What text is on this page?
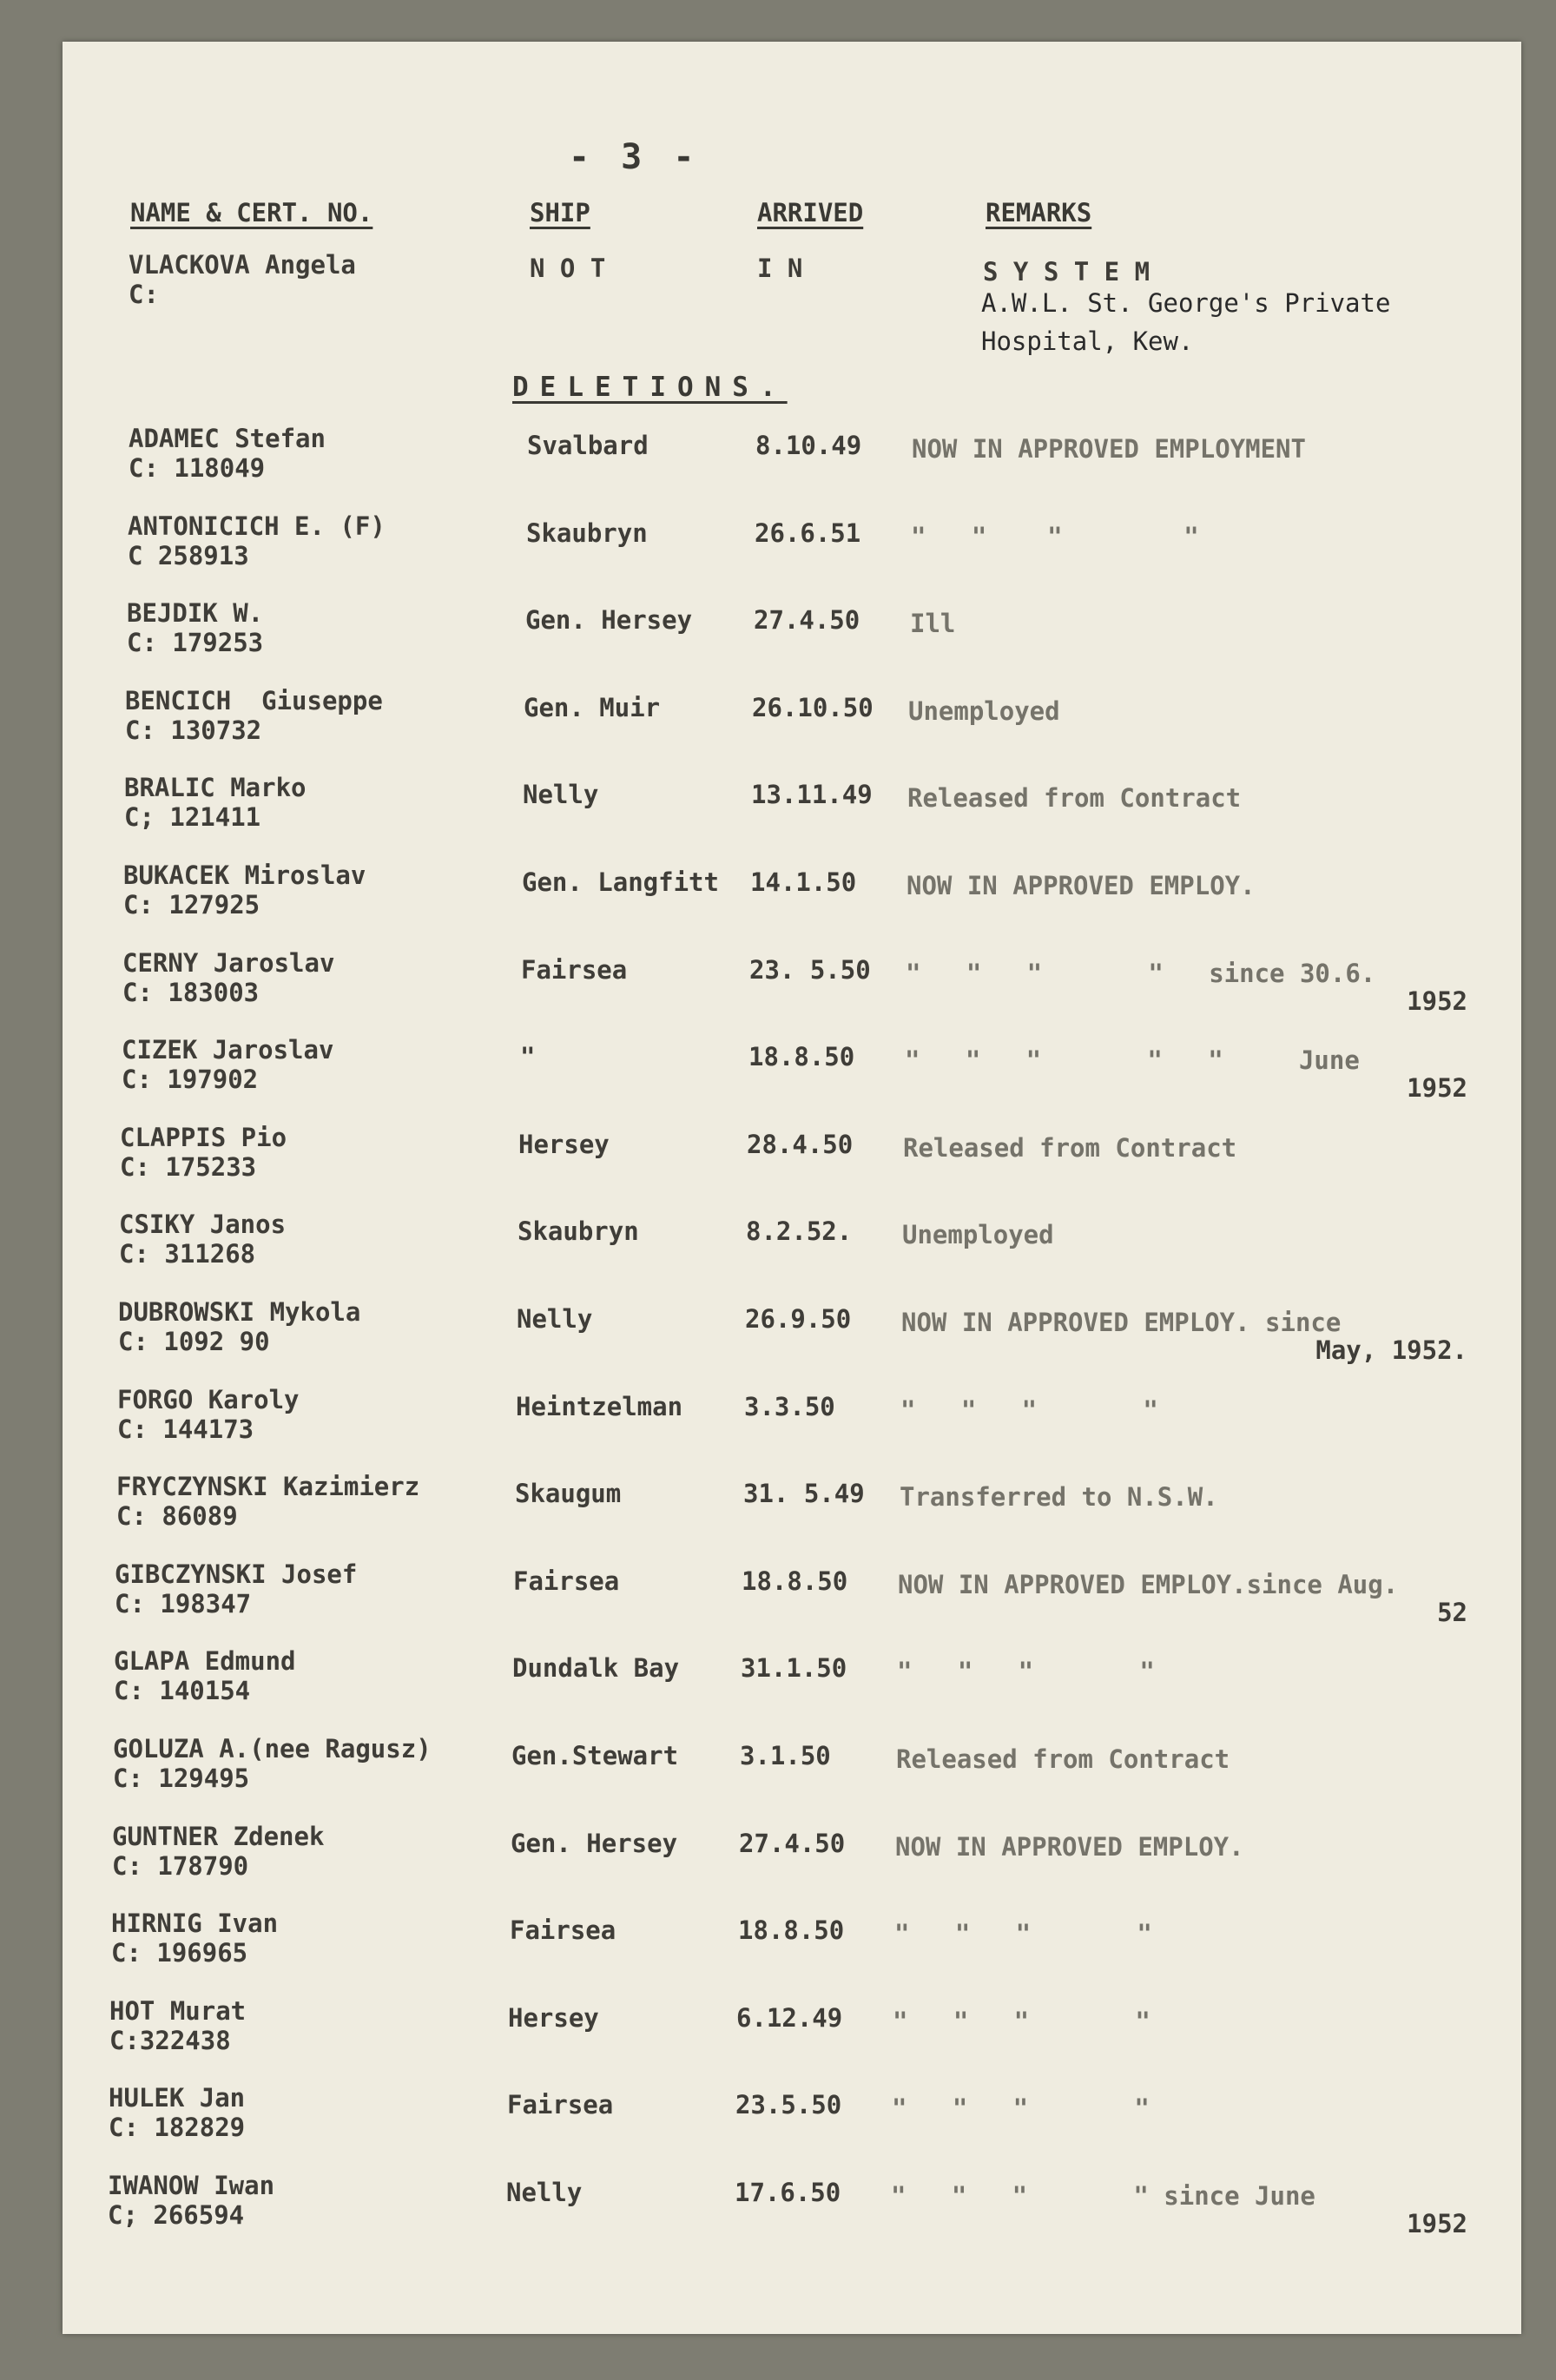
- 3 -
NAME & CERT. NO.	SHIP	ARRIVED	REMARKS
VLACKOVA Angela
C:
N O T	I N	S Y S T E M
A.W.L. St. George's Private
Hospital, Kew.
DELETIONS.
ADAMEC Stefan
C: 118049
Svalbard	8.10.49 NOW IN APPROVED EMPLOYMENT
ANTONICICH E. (F)
C 258913
Skaubryn	26.6.51 "   "    "        "
BEJDIK W.
C: 179253
Gen. Hersey 27.4.50 Ill
BENCICH  Giuseppe
C: 130732
Gen. Muir	26.10.50 Unemployed
BRALIC Marko
C; 121411
Nelly	13.11.49 Released from Contract
BUKACEK Miroslav
C: 127925
Gen. Langfitt 14.1.50 NOW IN APPROVED EMPLOY.
CERNY Jaroslav
C: 183003
Fairsea	23. 5.50 "   "   "       "   since 30.6.
1952
CIZEK Jaroslav
C: 197902
"	18.8.50 "   "   "       "   "     June
1952
CLAPPIS Pio
C: 175233
Hersey	28.4.50 Released from Contract
CSIKY Janos
C: 311268
Skaubryn	8.2.52. Unemployed
DUBROWSKI Mykola
C: 1092 90
Nelly	26.9.50 NOW IN APPROVED EMPLOY. since
May, 1952.
FORGO Karoly
C: 144173
Heintzelman 3.3.50	"   "   "       "
FRYCZYNSKI Kazimierz
C: 86089
Skaugum	31. 5.49 Transferred to N.S.W.
GIBCZYNSKI Josef
C: 198347
Fairsea	18.8.50 NOW IN APPROVED EMPLOY.since Aug.
52
GLAPA Edmund
C: 140154
Dundalk Bay 31.1.50 "   "   "       "
GOLUZA A.(nee Ragusz)
C: 129495
Gen.Stewart 3.1.50	Released from Contract
GUNTNER Zdenek
C: 178790
Gen. Hersey 27.4.50 NOW IN APPROVED EMPLOY.
HIRNIG Ivan
C: 196965
Fairsea	18.8.50 "   "   "       "
HOT Murat
C:322438
Hersey	6.12.49 "   "   "       "
HULEK Jan
C: 182829
Fairsea	23.5.50 "   "   "       "
IWANOW Iwan
C; 266594
Nelly	17.6.50 "   "   "       " since June
1952
